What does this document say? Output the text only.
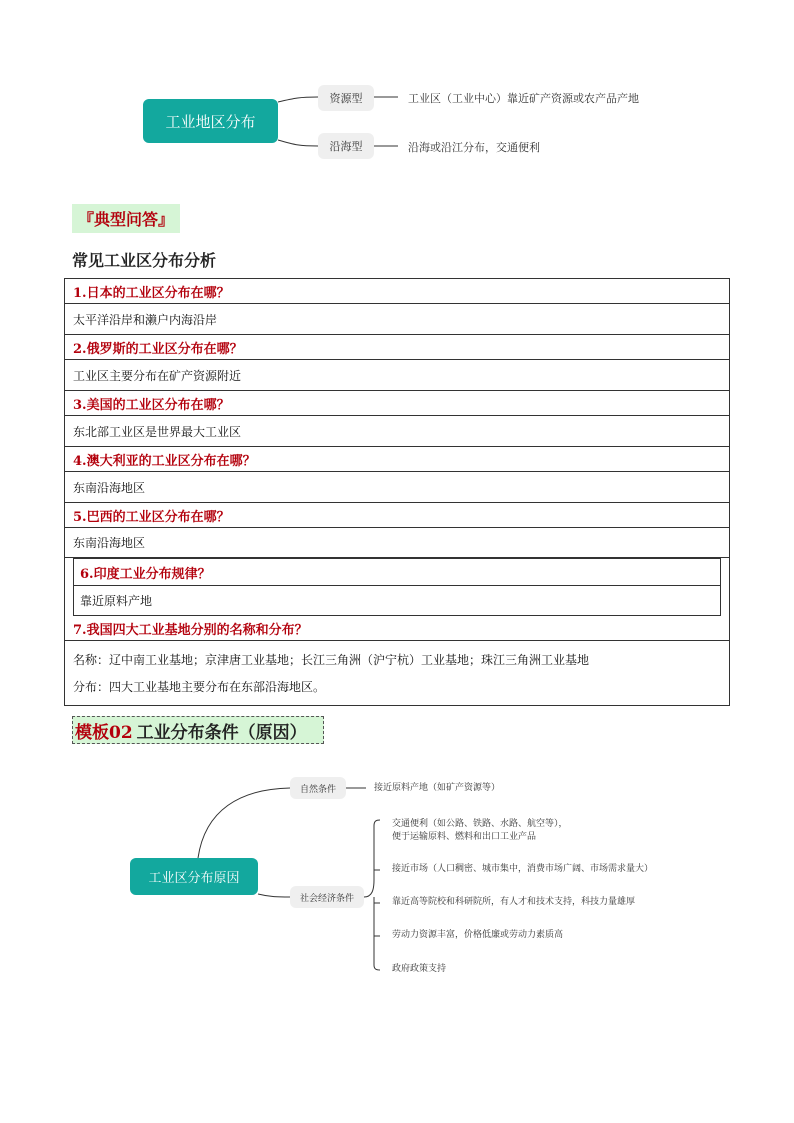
工业地区分布
资源型	工业区（工业中心）靠近矿产资源或农产品产地
沿海型	沿海或沿江分布，交通便利
『典型问答』
常见工业区分布分析
1.日本的工业区分布在哪？
太平洋沿岸和濑户内海沿岸
2.俄罗斯的工业区分布在哪？
工业区主要分布在矿产资源附近
3.美国的工业区分布在哪？
东北部工业区是世界最大工业区
4.澳大利亚的工业区分布在哪？
东南沿海地区
5.巴西的工业区分布在哪？
东南沿海地区
6.印度工业分布规律？
靠近原料产地
7.我国四大工业基地分别的名称和分布？
名称：辽中南工业基地；京津唐工业基地；长江三角洲（沪宁杭）工业基地；珠江三角洲工业基地
分布：四大工业基地主要分布在东部沿海地区。
模板02 工业分布条件（原因）
工业区分布原因
自然条件	接近原料产地（如矿产资源等）
社会经济条件
交通便利（如公路、铁路、水路、航空等），
便于运输原料、燃料和出口工业产品
接近市场（人口稠密、城市集中，消费市场广阔、市场需求量大）
靠近高等院校和科研院所，有人才和技术支持，科技力量雄厚
劳动力资源丰富，价格低廉或劳动力素质高
政府政策支持
